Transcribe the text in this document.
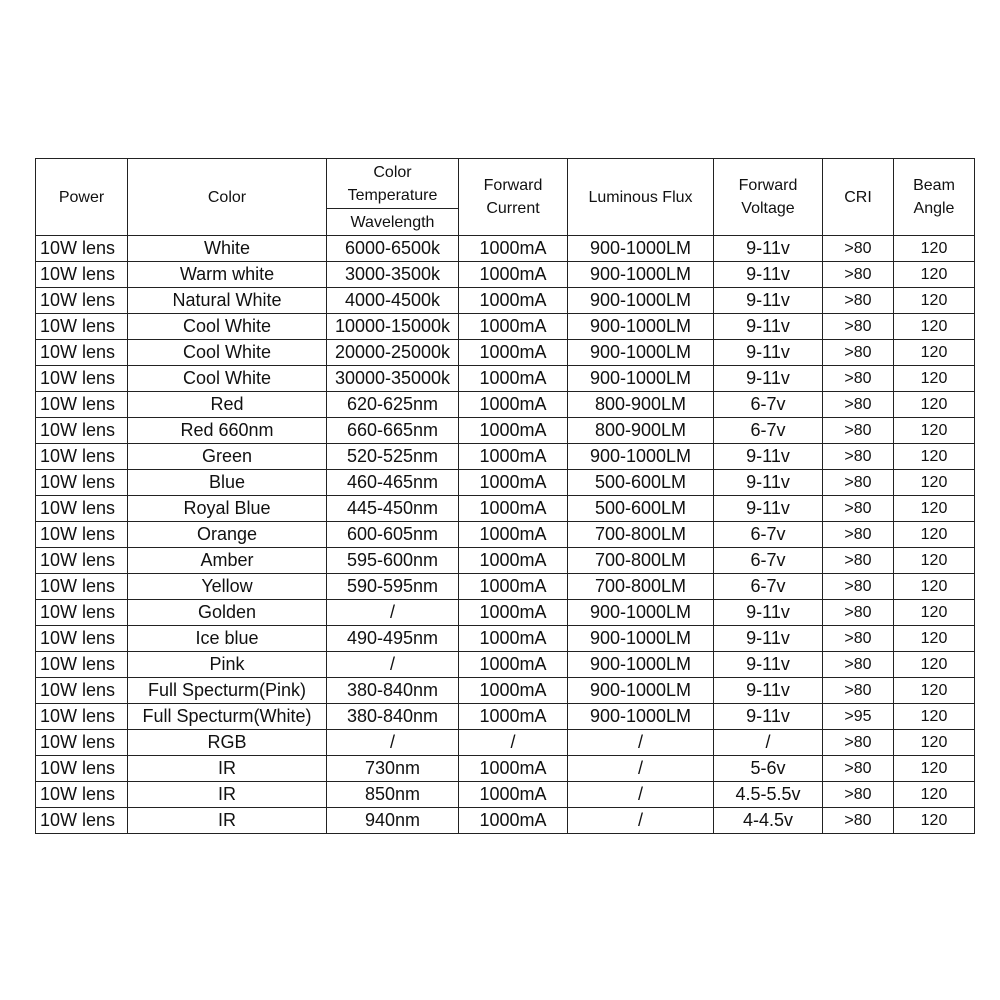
Power	Color	Color Temperature	Forward Current	Luminous Flux	Forward Voltage	CRI	Beam Angle
		Wavelength					
10W lens	White	6000-6500k	1000mA	900-1000LM	9-11v	>80	120
10W lens	Warm white	3000-3500k	1000mA	900-1000LM	9-11v	>80	120
10W lens	Natural White	4000-4500k	1000mA	900-1000LM	9-11v	>80	120
10W lens	Cool White	10000-15000k	1000mA	900-1000LM	9-11v	>80	120
10W lens	Cool White	20000-25000k	1000mA	900-1000LM	9-11v	>80	120
10W lens	Cool White	30000-35000k	1000mA	900-1000LM	9-11v	>80	120
10W lens	Red	620-625nm	1000mA	800-900LM	6-7v	>80	120
10W lens	Red 660nm	660-665nm	1000mA	800-900LM	6-7v	>80	120
10W lens	Green	520-525nm	1000mA	900-1000LM	9-11v	>80	120
10W lens	Blue	460-465nm	1000mA	500-600LM	9-11v	>80	120
10W lens	Royal Blue	445-450nm	1000mA	500-600LM	9-11v	>80	120
10W lens	Orange	600-605nm	1000mA	700-800LM	6-7v	>80	120
10W lens	Amber	595-600nm	1000mA	700-800LM	6-7v	>80	120
10W lens	Yellow	590-595nm	1000mA	700-800LM	6-7v	>80	120
10W lens	Golden	/	1000mA	900-1000LM	9-11v	>80	120
10W lens	Ice blue	490-495nm	1000mA	900-1000LM	9-11v	>80	120
10W lens	Pink	/	1000mA	900-1000LM	9-11v	>80	120
10W lens	Full Specturm(Pink)	380-840nm	1000mA	900-1000LM	9-11v	>80	120
10W lens	Full Specturm(White)	380-840nm	1000mA	900-1000LM	9-11v	>95	120
10W lens	RGB	/	/	/	/	>80	120
10W lens	IR	730nm	1000mA	/	5-6v	>80	120
10W lens	IR	850nm	1000mA	/	4.5-5.5v	>80	120
10W lens	IR	940nm	1000mA	/	4-4.5v	>80	120
